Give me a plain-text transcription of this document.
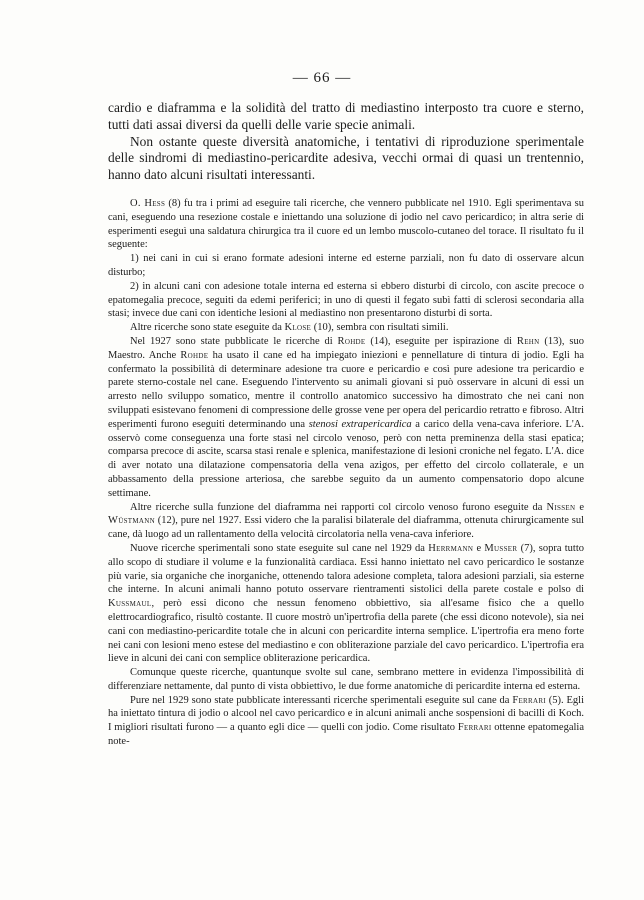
— 66 —

cardio e diaframma e la solidità del tratto di mediastino interposto tra cuore e sterno, tutti dati assai diversi da quelli delle varie specie animali.

Non ostante queste diversità anatomiche, i tentativi di riproduzione sperimentale delle sindromi di mediastino-pericardite adesiva, vecchi ormai di quasi un trentennio, hanno dato alcuni risultati interessanti.

O. Hess (8) fu tra i primi ad eseguire tali ricerche, che vennero pubblicate nel 1910. Egli sperimentava su cani, eseguendo una resezione costale e iniettando una soluzione di jodio nel cavo pericardico; in altra serie di esperimenti eseguì una saldatura chirurgica tra il cuore ed un lembo muscolo-cutaneo del torace. Il risultato fu il seguente:

1) nei cani in cui si erano formate adesioni interne ed esterne parziali, non fu dato di osservare alcun disturbo;

2) in alcuni cani con adesione totale interna ed esterna si ebbero disturbi di circolo, con ascite precoce o epatomegalia precoce, seguiti da edemi periferici; in uno di questi il fegato subì fatti di sclerosi secondaria alla stasi; invece due cani con identiche lesioni al mediastino non presentarono disturbi di sorta.

Altre ricerche sono state eseguite da Klose (10), sembra con risultati simili.

Nel 1927 sono state pubblicate le ricerche di Rohde (14), eseguite per ispirazione di Rehn (13), suo Maestro. Anche Rohde ha usato il cane ed ha impiegato iniezioni e pennellature di tintura di jodio. Egli ha confermato la possibilità di determinare adesione tra cuore e pericardio e così pure adesione tra pericardio e parete sterno-costale nel cane. Eseguendo l'intervento su animali giovani si può osservare in alcuni di essi un arresto nello sviluppo somatico, mentre il controllo anatomico successivo ha dimostrato che nei cani non sviluppati esistevano fenomeni di compressione delle grosse vene per opera del pericardio retratto e fibroso. Altri esperimenti furono eseguiti determinando una stenosi extrapericardica a carico della vena-cava inferiore. L'A. osservò come conseguenza una forte stasi nel circolo venoso, però con netta preminenza della stasi epatica; comparsa precoce di ascite, scarsa stasi renale e splenica, manifestazione di lesioni croniche nel fegato. L'A. dice di aver notato una dilatazione compensatoria della vena azigos, per effetto del circolo collaterale, e un abbassamento della pressione arteriosa, che sarebbe seguito da un aumento compensatorio dopo alcune settimane.

Altre ricerche sulla funzione del diaframma nei rapporti col circolo venoso furono eseguite da Nissen e Wüstmann (12), pure nel 1927. Essi videro che la paralisi bilaterale del diaframma, ottenuta chirurgicamente sul cane, dà luogo ad un rallentamento della velocità circolatoria nella vena-cava inferiore.

Nuove ricerche sperimentali sono state eseguite sul cane nel 1929 da Herrmann e Musser (7), sopra tutto allo scopo di studiare il volume e la funzionalità cardiaca. Essi hanno iniettato nel cavo pericardico le sostanze più varie, sia organiche che inorganiche, ottenendo talora adesione completa, talora adesioni parziali, sia esterne che interne. In alcuni animali hanno potuto osservare rientramenti sistolici della parete costale e polso di Kussmaul, però essi dicono che nessun fenomeno obbiettivo, sia all'esame fisico che a quello elettrocardiografico, risultò costante. Il cuore mostrò un'ipertrofia della parete (che essi dicono notevole), sia nei cani con mediastino-pericardite totale che in alcuni con pericardite interna semplice. L'ipertrofia era meno forte nei cani con lesioni meno estese del mediastino e con obliterazione parziale del cavo pericardico. L'ipertrofia era lieve in alcuni dei cani con semplice obliterazione pericardica.

Comunque queste ricerche, quantunque svolte sul cane, sembrano mettere in evidenza l'impossibilità di differenziare nettamente, dal punto di vista obbiettivo, le due forme anatomiche di pericardite interna ed esterna.

Pure nel 1929 sono state pubblicate interessanti ricerche sperimentali eseguite sul cane da Ferrari (5). Egli ha iniettato tintura di jodio o alcool nel cavo pericardico e in alcuni animali anche sospensioni di bacilli di Koch. I migliori risultati furono — a quanto egli dice — quelli con jodio. Come risultato Ferrari ottenne epatomegalia note-
